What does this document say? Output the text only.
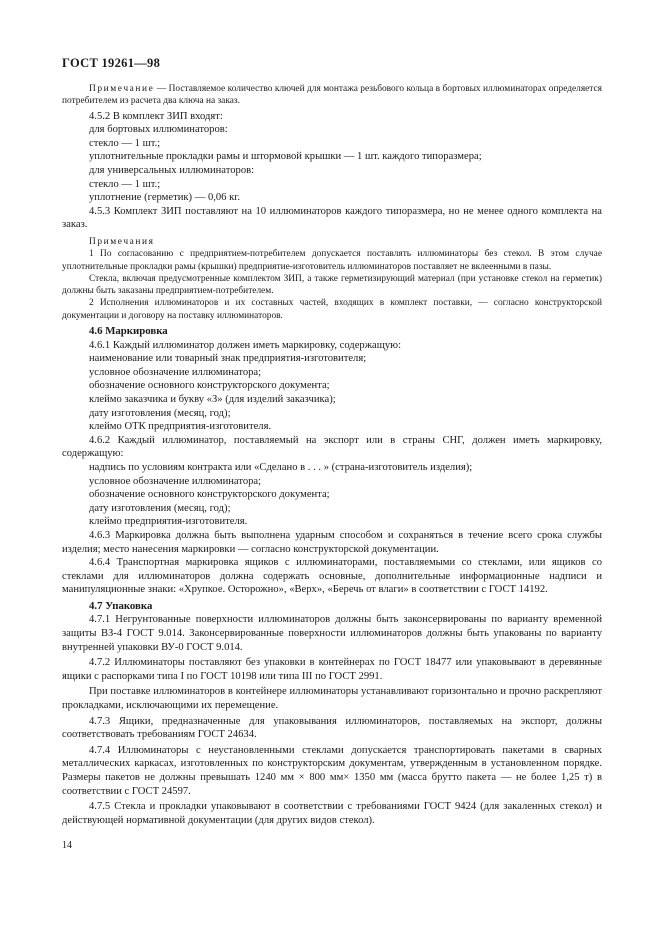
ГОСТ 19261—98

Примечание — Поставляемое количество ключей для монтажа резьбового кольца в бортовых иллюминаторах определяется потребителем из расчета два ключа на заказ.

4.5.2 В комплект ЗИП входят:

для бортовых иллюминаторов:

стекло — 1 шт.;

уплотнительные прокладки рамы и штормовой крышки — 1 шт. каждого типоразмера;

для универсальных иллюминаторов:

стекло — 1 шт.;

уплотнение (герметик) — 0,06 кг.

4.5.3 Комплект ЗИП поставляют на 10 иллюминаторов каждого типоразмера, но не менее одного комплекта на заказ.

Примечания

1 По согласованию с предприятием-потребителем допускается поставлять иллюминаторы без стекол. В этом случае уплотнительные прокладки рамы (крышки) предприятие-изготовитель иллюминаторов поставляет не вклеенными в пазы.

Стекла, включая предусмотренные комплектом ЗИП, а также герметизирующий материал (при установке стекол на герметик) должны быть заказаны предприятием-потребителем.

2 Исполнения иллюминаторов и их составных частей, входящих в комплект поставки, — согласно конструкторской документации и договору на поставку иллюминаторов.

4.6 Маркировка

4.6.1 Каждый иллюминатор должен иметь маркировку, содержащую:

наименование или товарный знак предприятия-изготовителя;

условное обозначение иллюминатора;

обозначение основного конструкторского документа;

клеймо заказчика и букву «З» (для изделий заказчика);

дату изготовления (месяц, год);

клеймо ОТК предприятия-изготовителя.

4.6.2 Каждый иллюминатор, поставляемый на экспорт или в страны СНГ, должен иметь маркировку, содержащую:

надпись по условиям контракта или «Сделано в . . . » (страна-изготовитель изделия);

условное обозначение иллюминатора;

обозначение основного конструкторского документа;

дату изготовления (месяц, год);

клеймо предприятия-изготовителя.

4.6.3 Маркировка должна быть выполнена ударным способом и сохраняться в течение всего срока службы изделия; место нанесения маркировки — согласно конструкторской документации.

4.6.4 Транспортная маркировка ящиков с иллюминаторами, поставляемыми со стеклами, или ящиков со стеклами для иллюминаторов должна содержать основные, дополнительные информационные надписи и манипуляционные знаки: «Хрупкое. Осторожно», «Верх», «Беречь от влаги» в соответствии с ГОСТ 14192.

4.7 Упаковка

4.7.1 Негрунтованные поверхности иллюминаторов должны быть законсервированы по варианту временной защиты ВЗ-4 ГОСТ 9.014. Законсервированные поверхности иллюминаторов должны быть упакованы по варианту внутренней упаковки ВУ-0 ГОСТ 9.014.

4.7.2 Иллюминаторы поставляют без упаковки в контейнерах по ГОСТ 18477 или упаковывают в деревянные ящики с распорками типа I по ГОСТ 10198 или типа III по ГОСТ 2991.

При поставке иллюминаторов в контейнере иллюминаторы устанавливают горизонтально и прочно раскрепляют прокладками, исключающими их перемещение.

4.7.3 Ящики, предназначенные для упаковывания иллюминаторов, поставляемых на экспорт, должны соответствовать требованиям ГОСТ 24634.

4.7.4 Иллюминаторы с неустановленными стеклами допускается транспортировать пакетами в сварных металлических каркасах, изготовленных по конструкторским документам, утвержденным в установленном порядке. Размеры пакетов не должны превышать 1240 мм × 800 мм× 1350 мм (масса брутто пакета — не более 1,25 т) в соответствии с ГОСТ 24597.

4.7.5 Стекла и прокладки упаковывают в соответствии с требованиями ГОСТ 9424 (для закаленных стекол) и действующей нормативной документации (для других видов стекол).

14
